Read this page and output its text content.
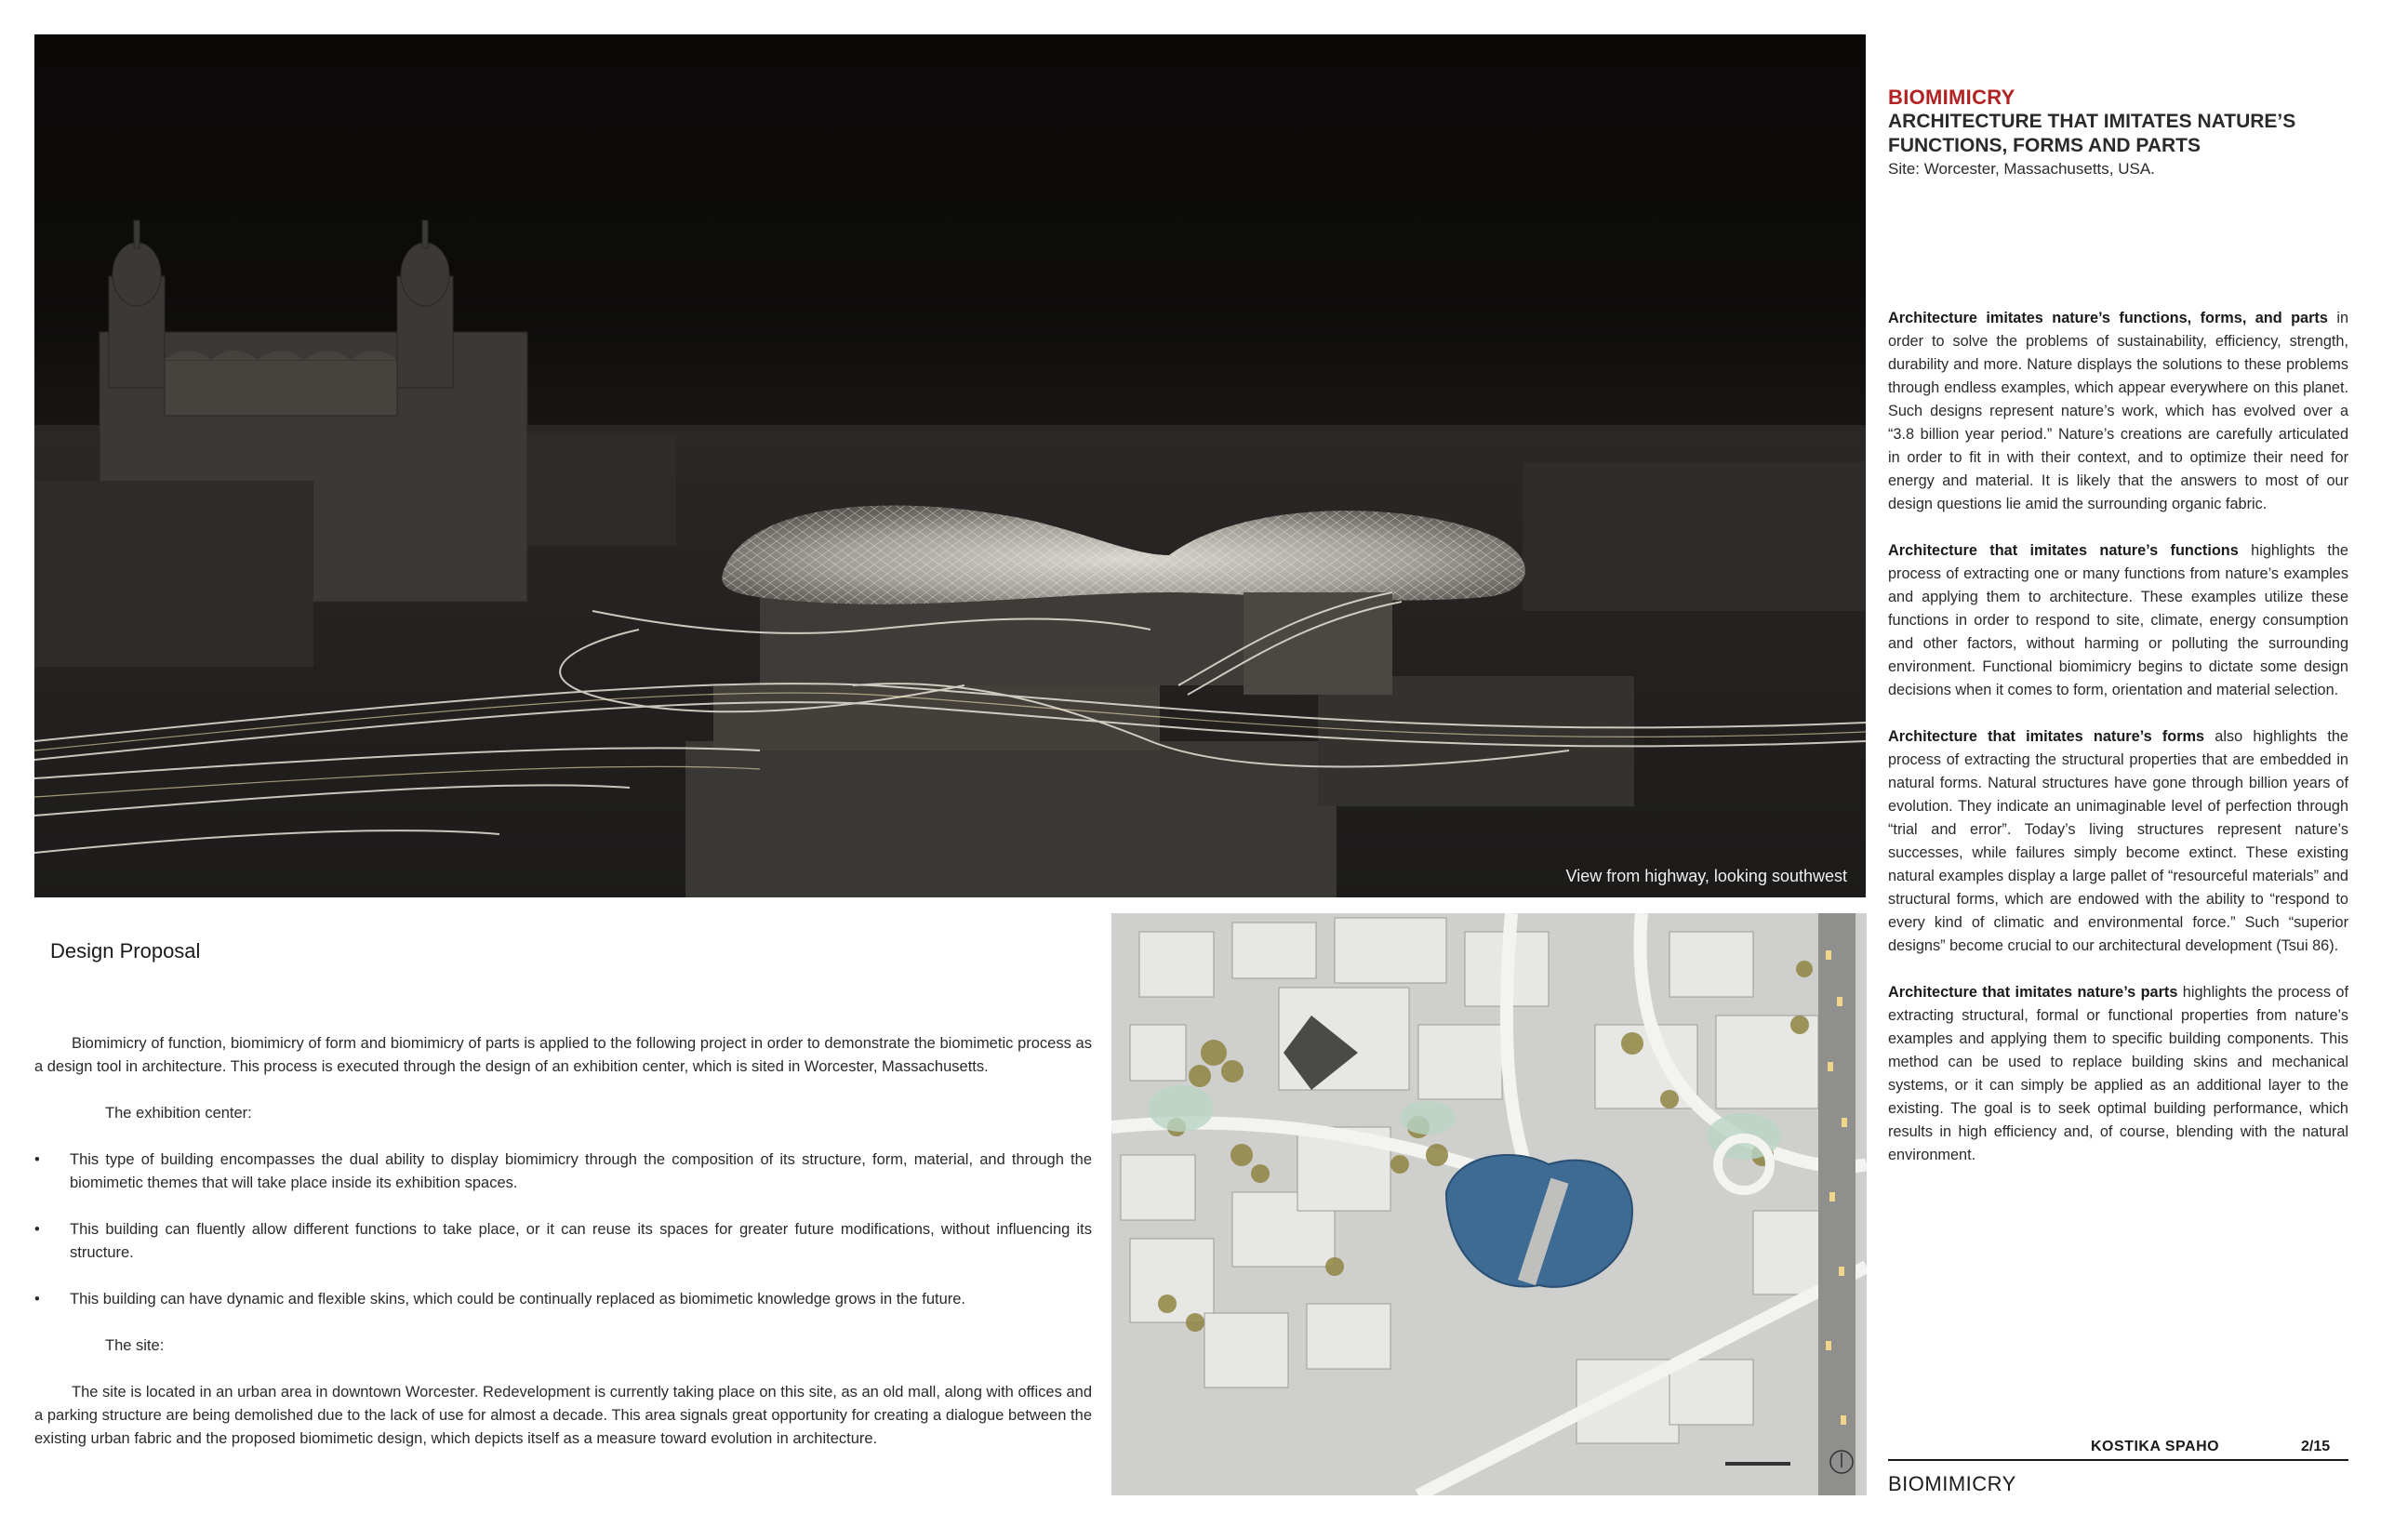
View from highway, looking southwest
BIOMIMICRY
ARCHITECTURE THAT IMITATES NATURE’S
FUNCTIONS, FORMS AND PARTS
Site: Worcester, Massachusetts, USA.

Architecture imitates nature’s functions, forms, and parts in order to solve the problems of sustainability, efficiency, strength, durability and more. Nature displays the solutions to these problems through endless examples, which appear everywhere on this planet. Such designs represent nature’s work, which has evolved over a “3.8 billion year period.” Nature’s creations are carefully articulated in order to fit in with their context, and to optimize their need for energy and material. It is likely that the answers to most of our design questions lie amid the surrounding organic fabric.

Architecture that imitates nature’s functions highlights the process of extracting one or many functions from nature’s examples and applying them to architecture. These examples utilize these functions in order to respond to site, climate, energy consumption and other factors, without harming or polluting the surrounding environment. Functional biomimicry begins to dictate some design decisions when it comes to form, orientation and material selection.

Architecture that imitates nature’s forms also highlights the process of extracting the structural properties that are embedded in natural forms. Natural structures have gone through billion years of evolution. They indicate an unimaginable level of perfection through “trial and error”. Today’s living structures represent nature’s successes, while failures simply become extinct. These existing natural examples display a large pallet of “resourceful materials” and structural forms, which are endowed with the ability to “respond to every kind of climatic and environmental force.” Such “superior designs” become crucial to our architectural development (Tsui 86).

Architecture that imitates nature’s parts highlights the process of extracting structural, formal or functional properties from nature’s examples and applying them to specific building components. This method can be used to replace building skins and mechanical systems, or it can simply be applied as an additional layer to the existing. The goal is to seek optimal building performance, which results in high efficiency and, of course, blending with the natural environment.

Design Proposal

Biomimicry of function, biomimicry of form and biomimicry of parts is applied to the following project in order to demonstrate the biomimetic process as a design tool in architecture. This process is executed through the design of an exhibition center, which is sited in Worcester, Massachusetts.

The exhibition center:

• This type of building encompasses the dual ability to display biomimicry through the composition of its structure, form, material, and through the biomimetic themes that will take place inside its exhibition spaces.
• This building can fluently allow different functions to take place, or it can reuse its spaces for greater future modifications, without influencing its structure.
• This building can have dynamic and flexible skins, which could be continually replaced as biomimetic knowledge grows in the future.

The site:

The site is located in an urban area in downtown Worcester. Redevelopment is currently taking place on this site, as an old mall, along with offices and a parking structure are being demolished due to the lack of use for almost a decade. This area signals great opportunity for creating a dialogue between the existing urban fabric and the proposed biomimetic design, which depicts itself as a measure toward evolution in architecture.	KOSTIKA SPAHO	2/15
BIOMIMICRY
